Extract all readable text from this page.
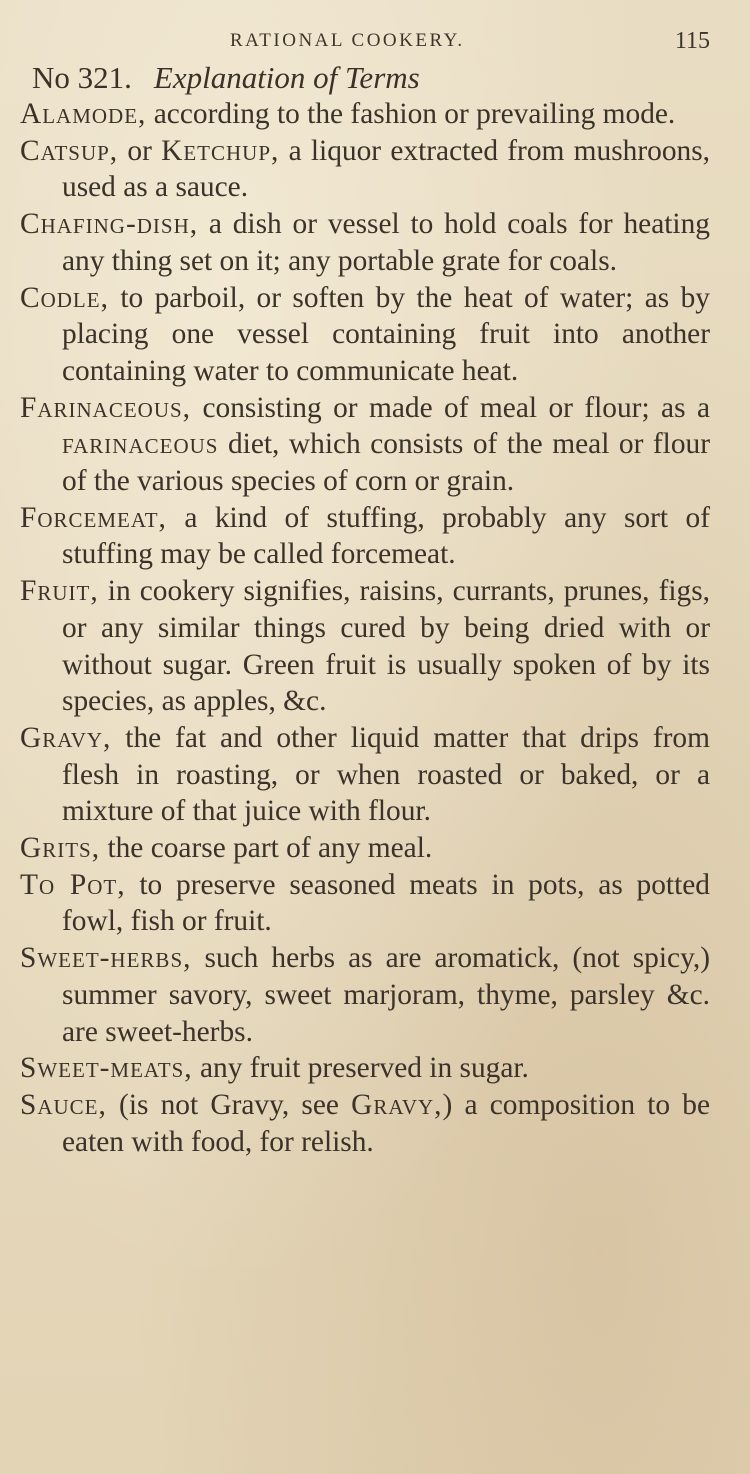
RATIONAL COOKERY.	115
No 321. Explanation of Terms

Alamode, according to the fashion or prevailing mode.

Catsup, or Ketchup, a liquor extracted from mushroons, used as a sauce.

Chafing-dish, a dish or vessel to hold coals for heating any thing set on it; any portable grate for coals.

Codle, to parboil, or soften by the heat of water; as by placing one vessel containing fruit into another containing water to communicate heat.

Farinaceous, consisting or made of meal or flour; as a farinaceous diet, which consists of the meal or flour of the various species of corn or grain.

Forcemeat, a kind of stuffing, probably any sort of stuffing may be called forcemeat.

Fruit, in cookery signifies, raisins, currants, prunes, figs, or any similar things cured by being dried with or without sugar. Green fruit is usually spoken of by its species, as apples, &c.

Gravy, the fat and other liquid matter that drips from flesh in roasting, or when roasted or baked, or a mixture of that juice with flour.

Grits, the coarse part of any meal.

To Pot, to preserve seasoned meats in pots, as potted fowl, fish or fruit.

Sweet-herbs, such herbs as are aromatick, (not spicy,) summer savory, sweet marjoram, thyme, parsley &c. are sweet-herbs.

Sweet-meats, any fruit preserved in sugar.

Sauce, (is not Gravy, see Gravy,) a composition to be eaten with food, for relish.
